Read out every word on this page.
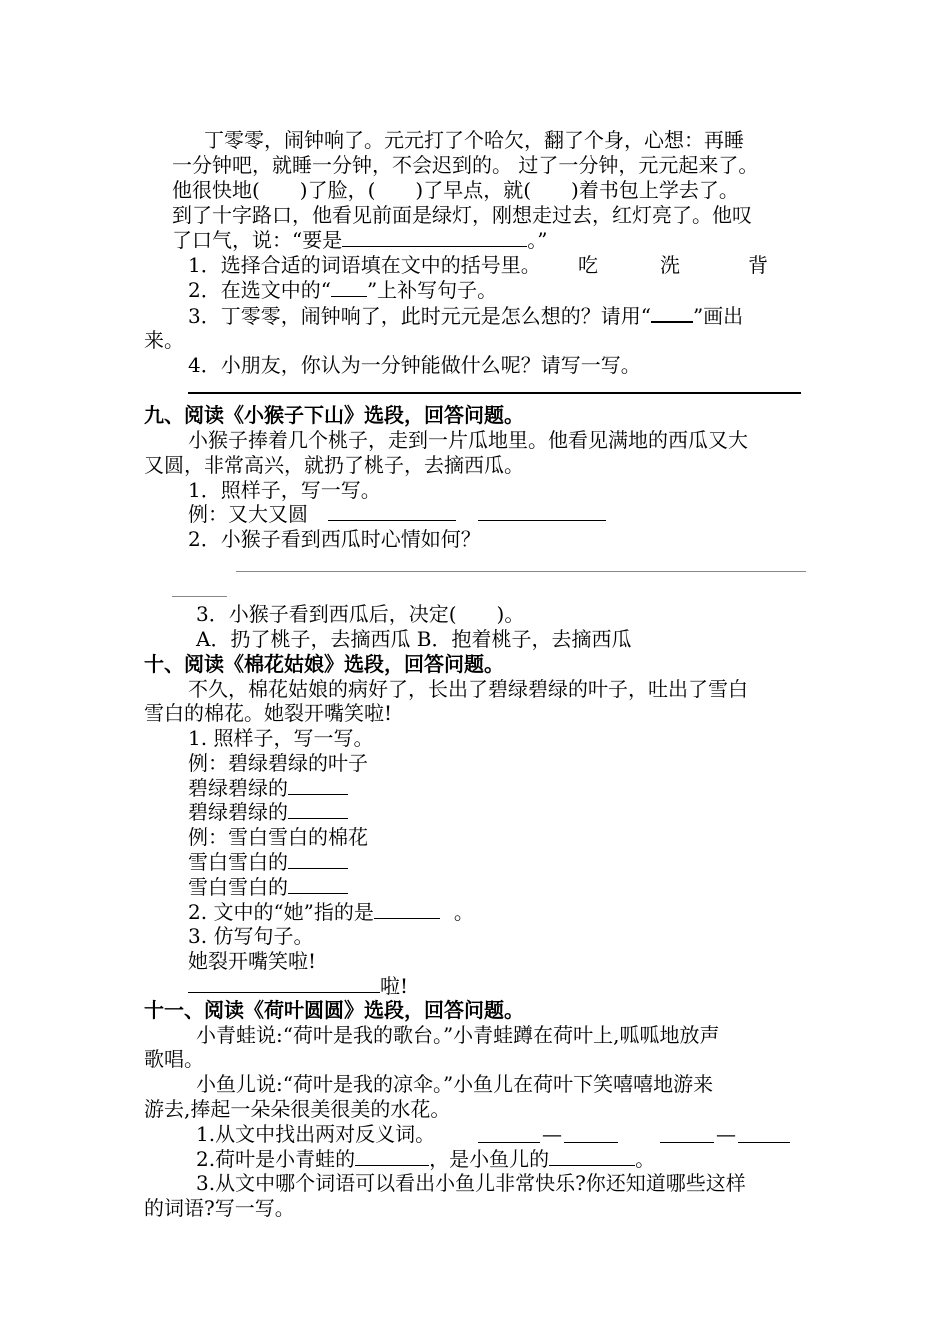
丁零零，闹钟响了。元元打了个哈欠，翻了个身，心想：再睡
一分钟吧，就睡一分钟，不会迟到的。 过了一分钟，元元起来了。
他很快地(　　)了脸，(　　)了早点，就(　　)着书包上学去了。
到了十字路口，他看见前面是绿灯，刚想走过去，红灯亮了。他叹
了口气，说：“要是	。”
1．选择合适的词语填在文中的括号里。 吃	洗	背
2．在选文中的“ ”上补写句子。
3．丁零零，闹钟响了，此时元元是怎么想的？请用“ ”画出
来。
4．小朋友，你认为一分钟能做什么呢？请写一写。
九、阅读《小猴子下山》选段，回答问题。
小猴子捧着几个桃子，走到一片瓜地里。他看见满地的西瓜又大
又圆，非常高兴，就扔了桃子，去摘西瓜。
1．照样子，写一写。
例：又大又圆
2．小猴子看到西瓜时心情如何？
3．小猴子看到西瓜后，决定(　　)。
A．扔了桃子，去摘西瓜 B．抱着桃子，去摘西瓜
十、阅读《棉花姑娘》选段，回答问题。
不久，棉花姑娘的病好了，长出了碧绿碧绿的叶子，吐出了雪白
雪白的棉花。她裂开嘴笑啦!
1. 照样子，写一写。
例：碧绿碧绿的叶子
碧绿碧绿的
碧绿碧绿的
例：雪白雪白的棉花
雪白雪白的
雪白雪白的
2. 文中的“她”指的是	。
3. 仿写句子。
她裂开嘴笑啦!
啦!
十一、阅读《荷叶圆圆》选段，回答问题。
小青蛙说:“荷叶是我的歌台。”小青蛙蹲在荷叶上,呱呱地放声
歌唱。
小鱼儿说:“荷叶是我的凉伞。”小鱼儿在荷叶下笑嘻嘻地游来
游去,捧起一朵朵很美很美的水花。
1.从文中找出两对反义词。	—	—
2.荷叶是小青蛙的	，是小鱼儿的	。
3.从文中哪个词语可以看出小鱼儿非常快乐?你还知道哪些这样
的词语?写一写。
